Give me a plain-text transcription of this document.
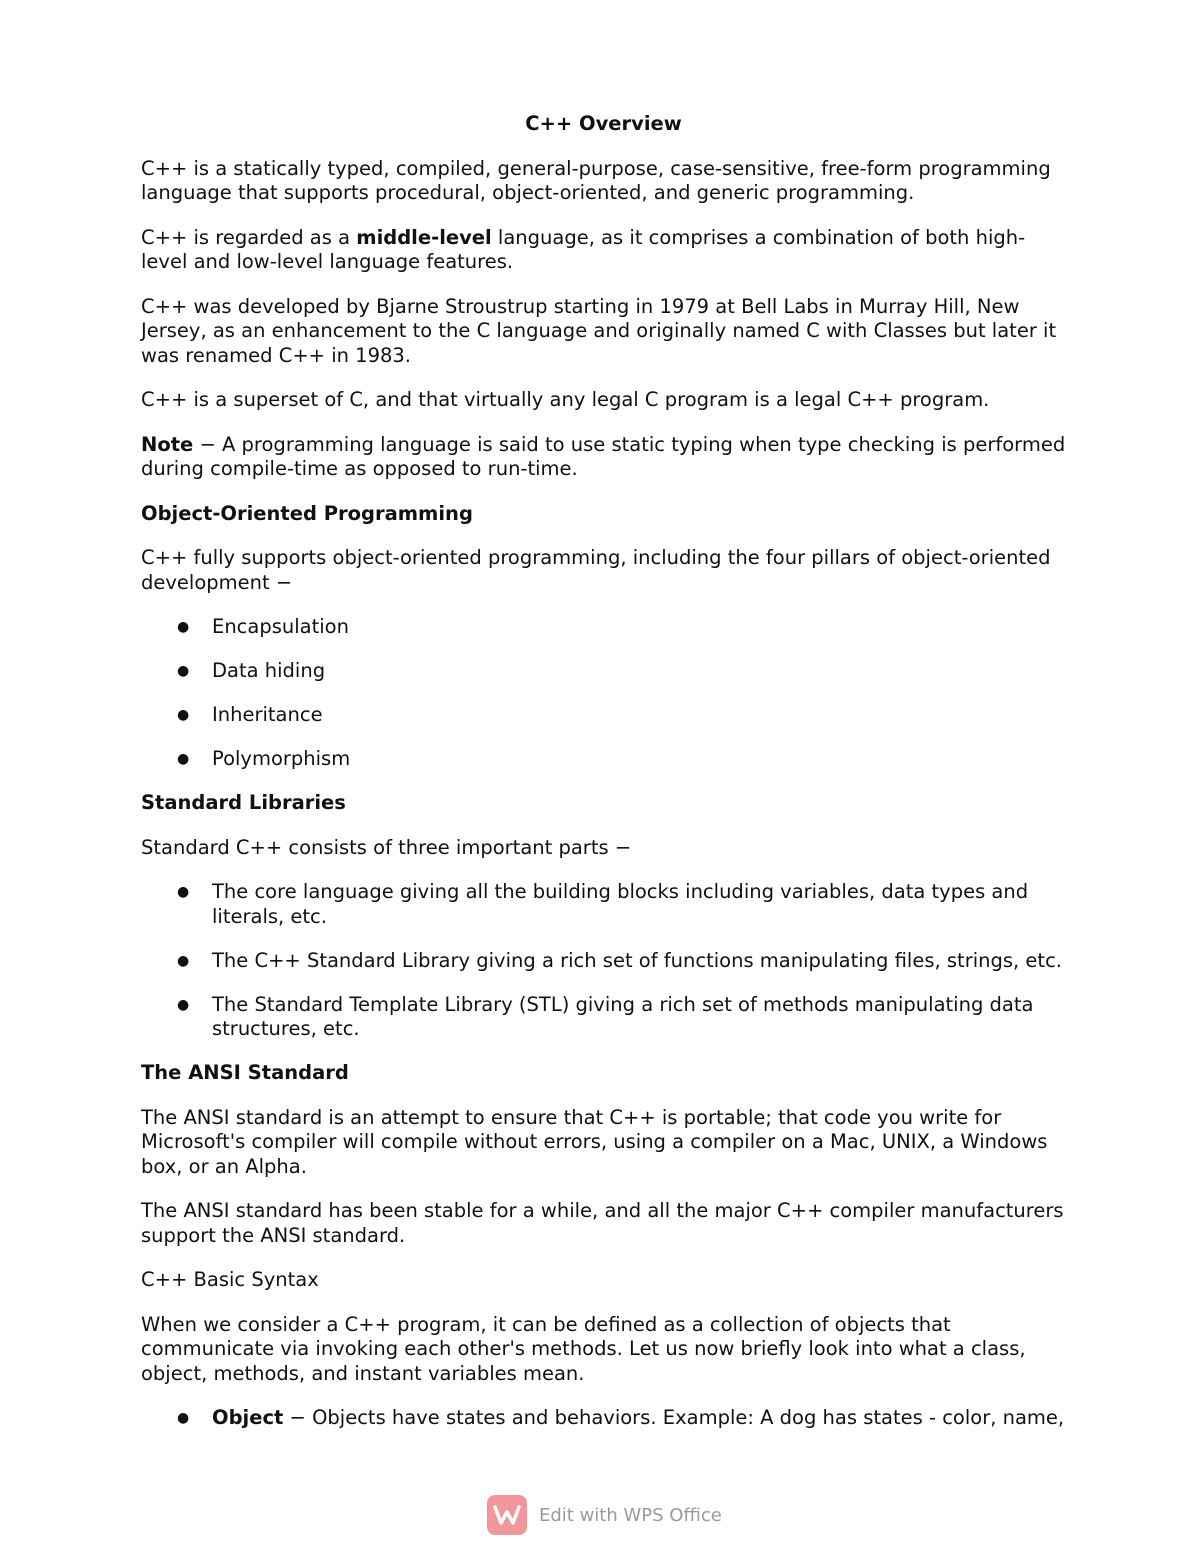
C++ Overview

C++ is a statically typed, compiled, general-purpose, case-sensitive, free-form programming language that supports procedural, object-oriented, and generic programming.

C++ is regarded as a middle-level language, as it comprises a combination of both high-level and low-level language features.

C++ was developed by Bjarne Stroustrup starting in 1979 at Bell Labs in Murray Hill, New Jersey, as an enhancement to the C language and originally named C with Classes but later it was renamed C++ in 1983.

C++ is a superset of C, and that virtually any legal C program is a legal C++ program.

Note − A programming language is said to use static typing when type checking is performed during compile-time as opposed to run-time.

Object-Oriented Programming

C++ fully supports object-oriented programming, including the four pillars of object-oriented development −

● Encapsulation
● Data hiding
● Inheritance
● Polymorphism
Standard Libraries

Standard C++ consists of three important parts −

● The core language giving all the building blocks including variables, data types and literals, etc.
● The C++ Standard Library giving a rich set of functions manipulating files, strings, etc.
● The Standard Template Library (STL) giving a rich set of methods manipulating data structures, etc.
The ANSI Standard

The ANSI standard is an attempt to ensure that C++ is portable; that code you write for Microsoft's compiler will compile without errors, using a compiler on a Mac, UNIX, a Windows box, or an Alpha.

The ANSI standard has been stable for a while, and all the major C++ compiler manufacturers support the ANSI standard.

C++ Basic Syntax

When we consider a C++ program, it can be defined as a collection of objects that communicate via invoking each other's methods. Let us now briefly look into what a class, object, methods, and instant variables mean.

● Object − Objects have states and behaviors. Example: A dog has states - color, name,
Edit with WPS Office
